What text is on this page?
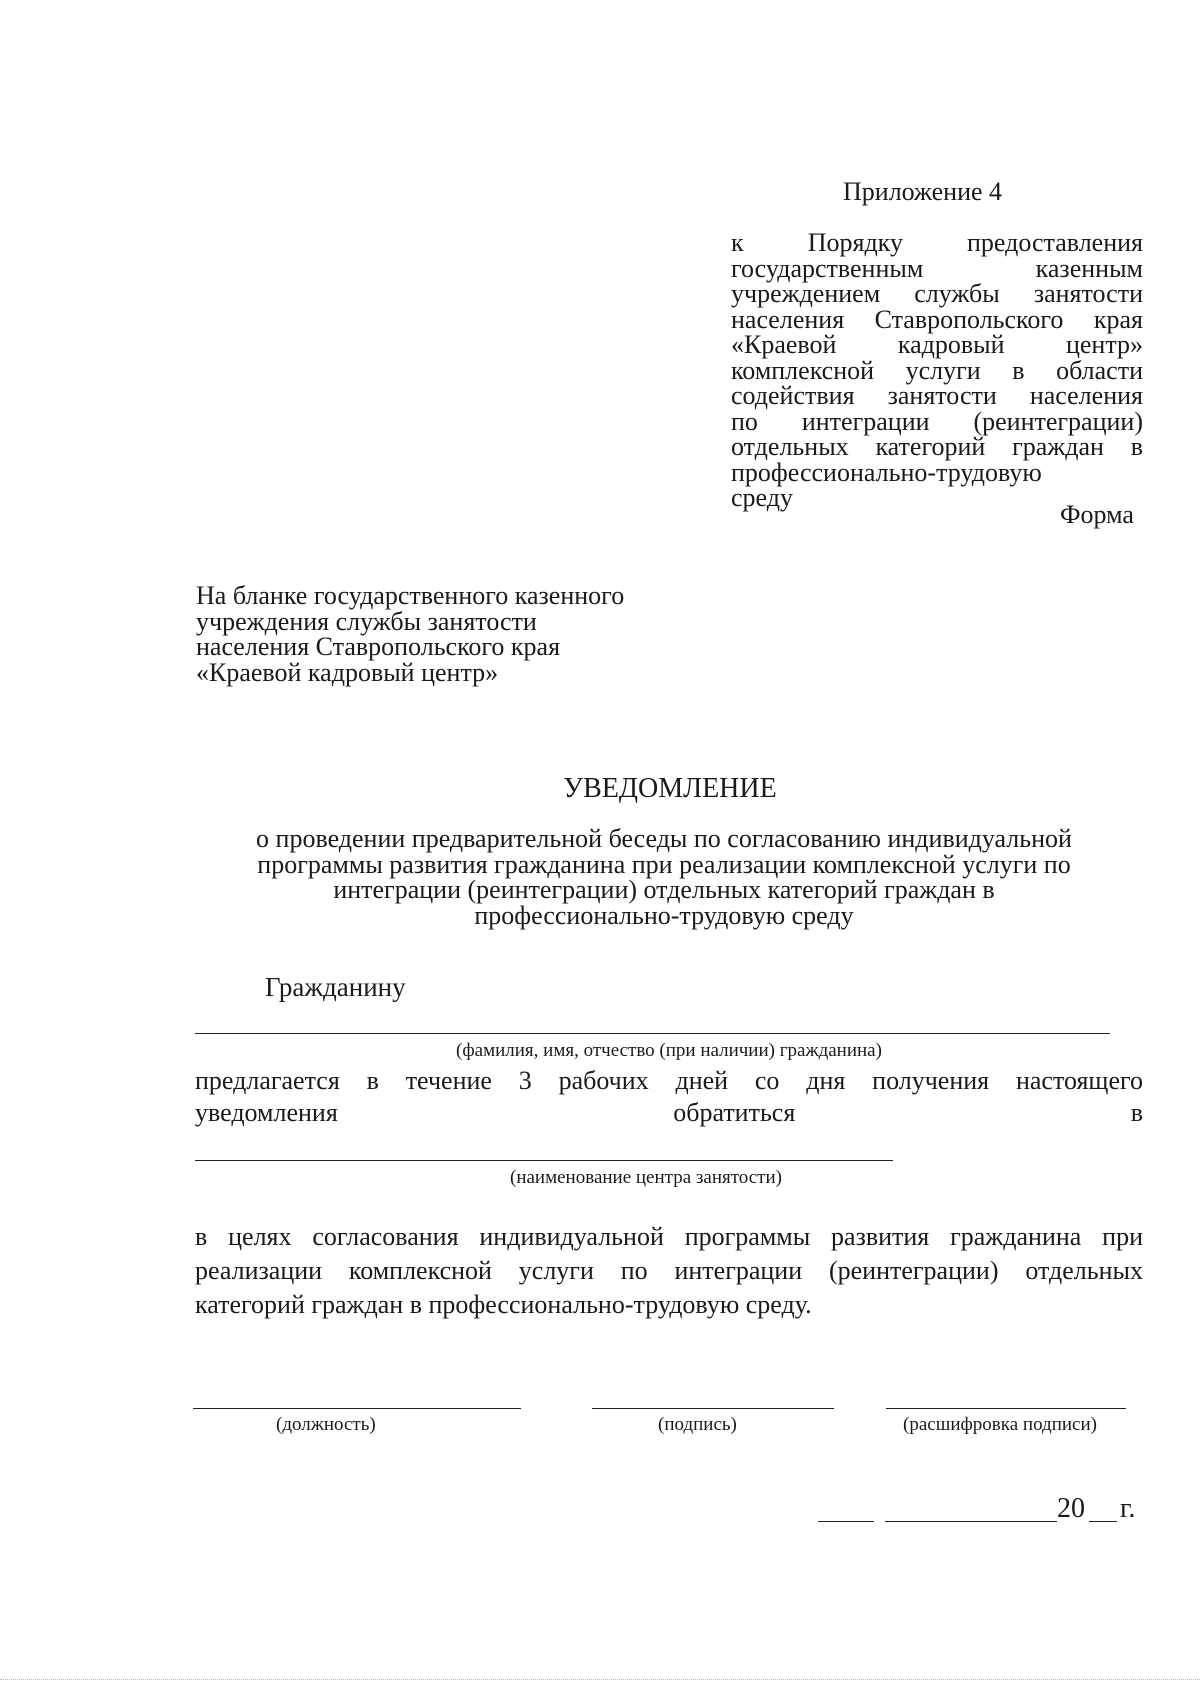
Приложение 4
к Порядку предоставления
государственным казенным
учреждением службы занятости
населения Ставропольского края
«Краевой кадровый центр»
комплексной услуги в области
содействия занятости населения
по интеграции (реинтеграции)
отдельных категорий граждан в
профессионально-трудовую
среду
Форма
На бланке государственного казенного
учреждения службы занятости
населения Ставропольского края
«Краевой кадровый центр»
УВЕДОМЛЕНИЕ
о проведении предварительной беседы по согласованию индивидуальной
программы развития гражданина при реализации комплексной услуги по
интеграции (реинтеграции) отдельных категорий граждан в
профессионально-трудовую среду
Гражданину
(фамилия, имя, отчество (при наличии) гражданина)
предлагается в течение 3 рабочих дней со дня получения настоящего
уведомления	обратиться	в
(наименование центра занятости)
в целях согласования индивидуальной программы развития гражданина при
реализации комплексной услуги по интеграции (реинтеграции) отдельных
категорий граждан в профессионально-трудовую среду.
(должность)	(подпись)	(расшифровка подписи)
20 г.
